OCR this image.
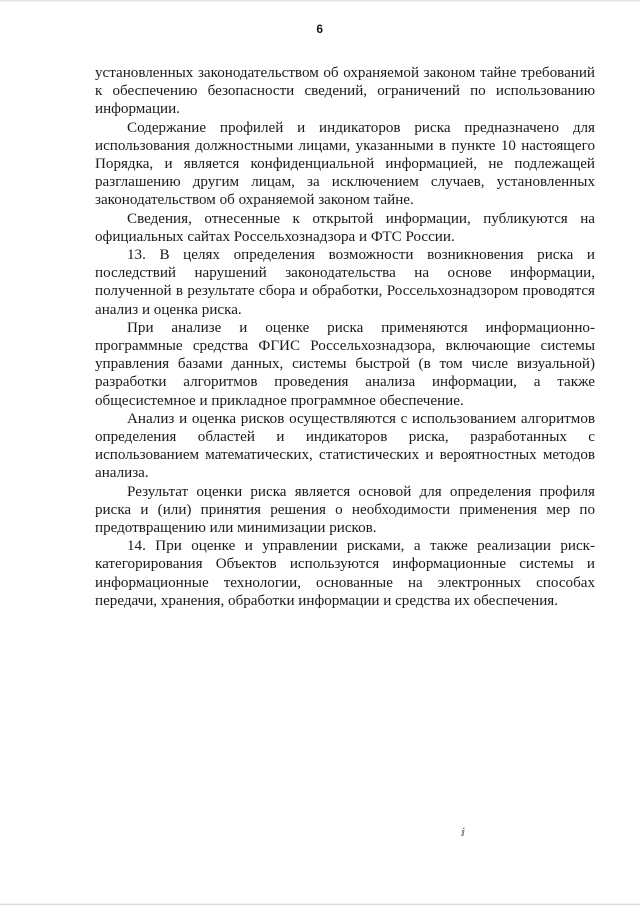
6

установленных законодательством об охраняемой законом тайне требований к обеспечению безопасности сведений, ограничений по использованию информации.

Содержание профилей и индикаторов риска предназначено для использования должностными лицами, указанными в пункте 10 настоящего Порядка, и является конфиденциальной информацией, не подлежащей разглашению другим лицам, за исключением случаев, установленных законодательством об охраняемой законом тайне.

Сведения, отнесенные к открытой информации, публикуются на официальных сайтах Россельхознадзора и ФТС России.

13. В целях определения возможности возникновения риска и последствий нарушений законодательства на основе информации, полученной в результате сбора и обработки, Россельхознадзором проводятся анализ и оценка риска.

При анализе и оценке риска применяются информационно-программные средства ФГИС Россельхознадзора, включающие системы управления базами данных, системы быстрой (в том числе визуальной) разработки алгоритмов проведения анализа информации, а также общесистемное и прикладное программное обеспечение.

Анализ и оценка рисков осуществляются с использованием алгоритмов определения областей и индикаторов риска, разработанных с использованием математических, статистических и вероятностных методов анализа.

Результат оценки риска является основой для определения профиля риска и (или) принятия решения о необходимости применения мер по предотвращению или минимизации рисков.

14. При оценке и управлении рисками, а также реализации риск-категорирования Объектов используются информационные системы и информационные технологии, основанные на электронных способах передачи, хранения, обработки информации и средства их обеспечения.

ⅈ
